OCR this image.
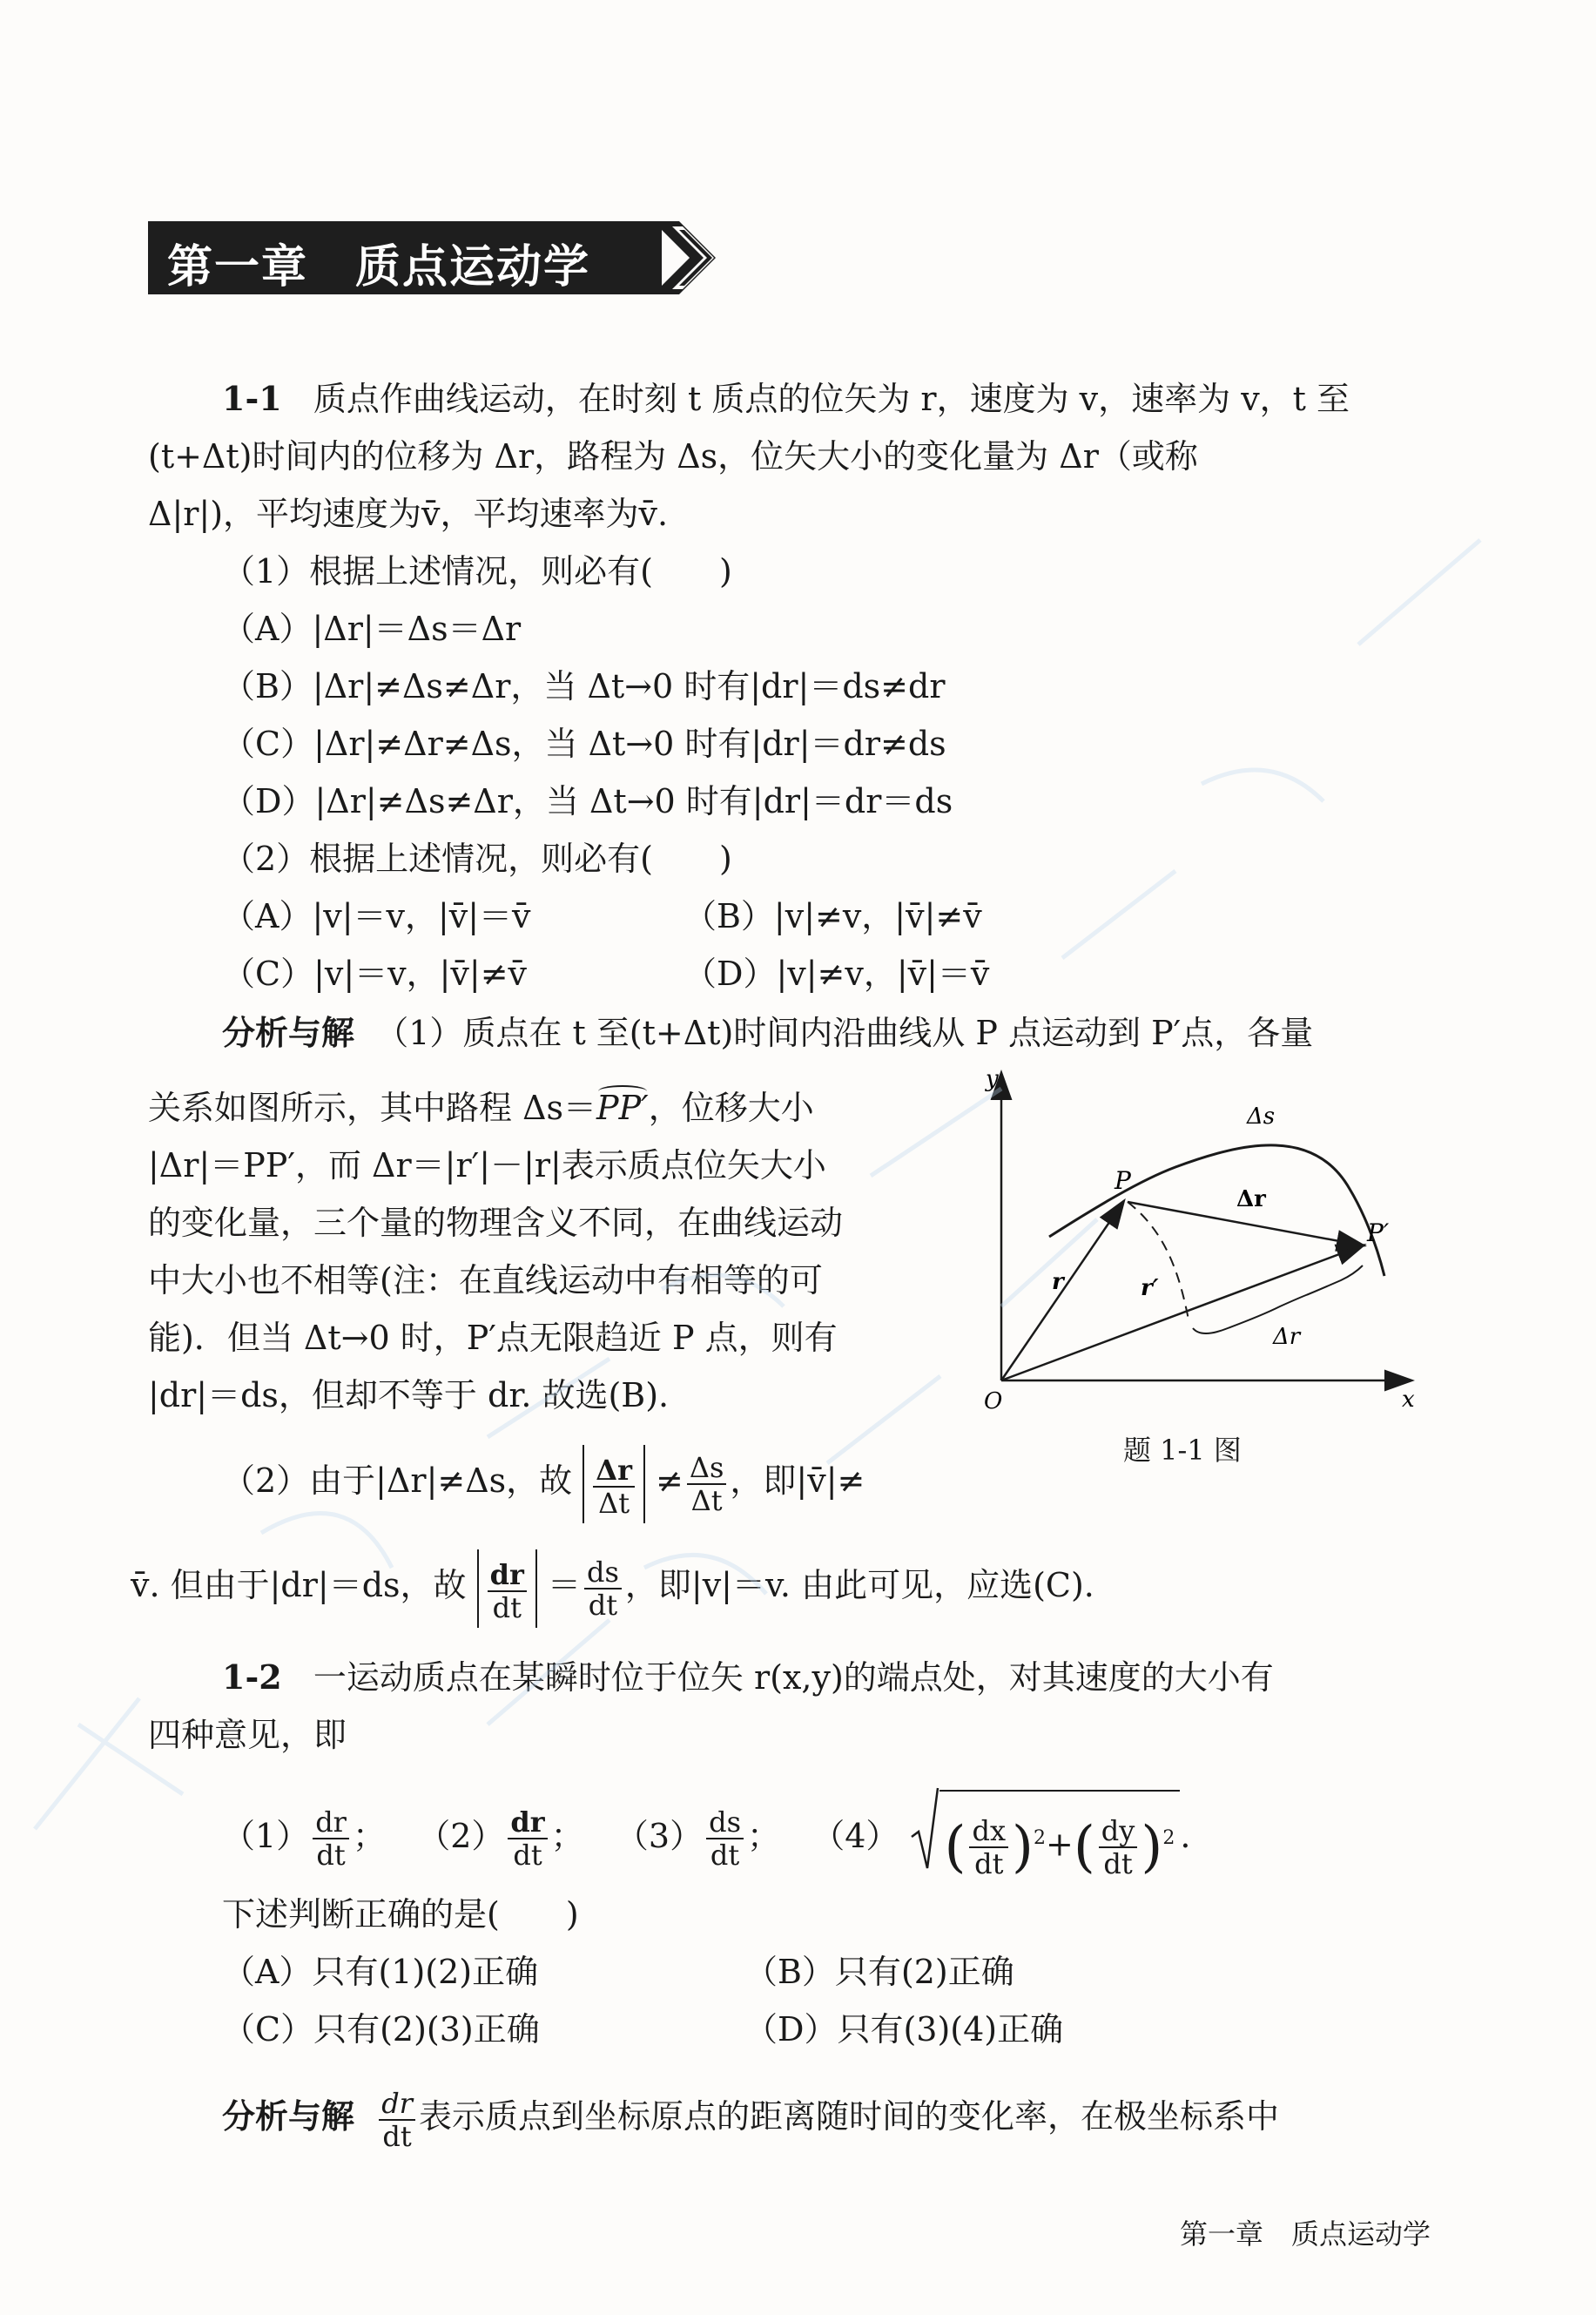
第一章　质点运动学
1-1 质点作曲线运动，在时刻 t 质点的位矢为 r，速度为 v，速率为 v，t 至
(t+Δt)时间内的位移为 Δr，路程为 Δs，位矢大小的变化量为 Δr（或称
Δ|r|)，平均速度为v̄，平均速率为v̄.
（1）根据上述情况，则必有(　　)
（A）|Δr|＝Δs＝Δr
（B）|Δr|≠Δs≠Δr，当 Δt→0 时有|dr|＝ds≠dr
（C）|Δr|≠Δr≠Δs，当 Δt→0 时有|dr|＝dr≠ds
（D）|Δr|≠Δs≠Δr，当 Δt→0 时有|dr|＝dr＝ds
（2）根据上述情况，则必有(　　)
（A）|v|＝v，|v̄|＝v̄	（B）|v|≠v，|v̄|≠v̄
（C）|v|＝v，|v̄|≠v̄	（D）|v|≠v，|v̄|＝v̄
分析与解 （1）质点在 t 至(t+Δt)时间内沿曲线从 P 点运动到 P′点，各量
关系如图所示，其中路程 Δs＝PP′，位移大小
|Δr|＝PP′，而 Δr＝|r′|－|r|表示质点位矢大小
的变化量，三个量的物理含义不同，在曲线运动
中大小也不相等(注：在直线运动中有相等的可
能)．但当 Δt→0 时，P′点无限趋近 P 点，则有
|dr|＝ds，但却不等于 dr. 故选(B).
（2）由于|Δr|≠Δs，故 $\frac{\Delta r}{\Delta t} \ne \frac{\Delta s}{\Delta t}$ ，即|v̄|≠
v̄. 但由于|dr|＝ds，故 $\frac{dr}{dt} = \frac{ds}{dt}$ ，即|v|＝v. 由此可见，应选(C).
y
x
O
P
P′
Δs
Δr
r	r′
Δr
题 1-1 图
1-2 一运动质点在某瞬时位于位矢 r(x,y)的端点处，对其速度的大小有
四种意见，即
$(1) \frac{dr}{dt}$ ；   $(2) \frac{dr}{dt}$ ；   $(3) \frac{ds}{dt}$ ；   （4） ( $\frac{dx}{dt} )^2+( \frac{dy}{dt} )^2$ .
下述判断正确的是(　　)
（A）只有(1)(2)正确	（B）只有(2)正确
（C）只有(2)(3)正确	（D）只有(3)(4)正确
分析与解 $\frac{dr}{dt}$ 表示质点到坐标原点的距离随时间的变化率，在极坐标系中
第一章　质点运动学
